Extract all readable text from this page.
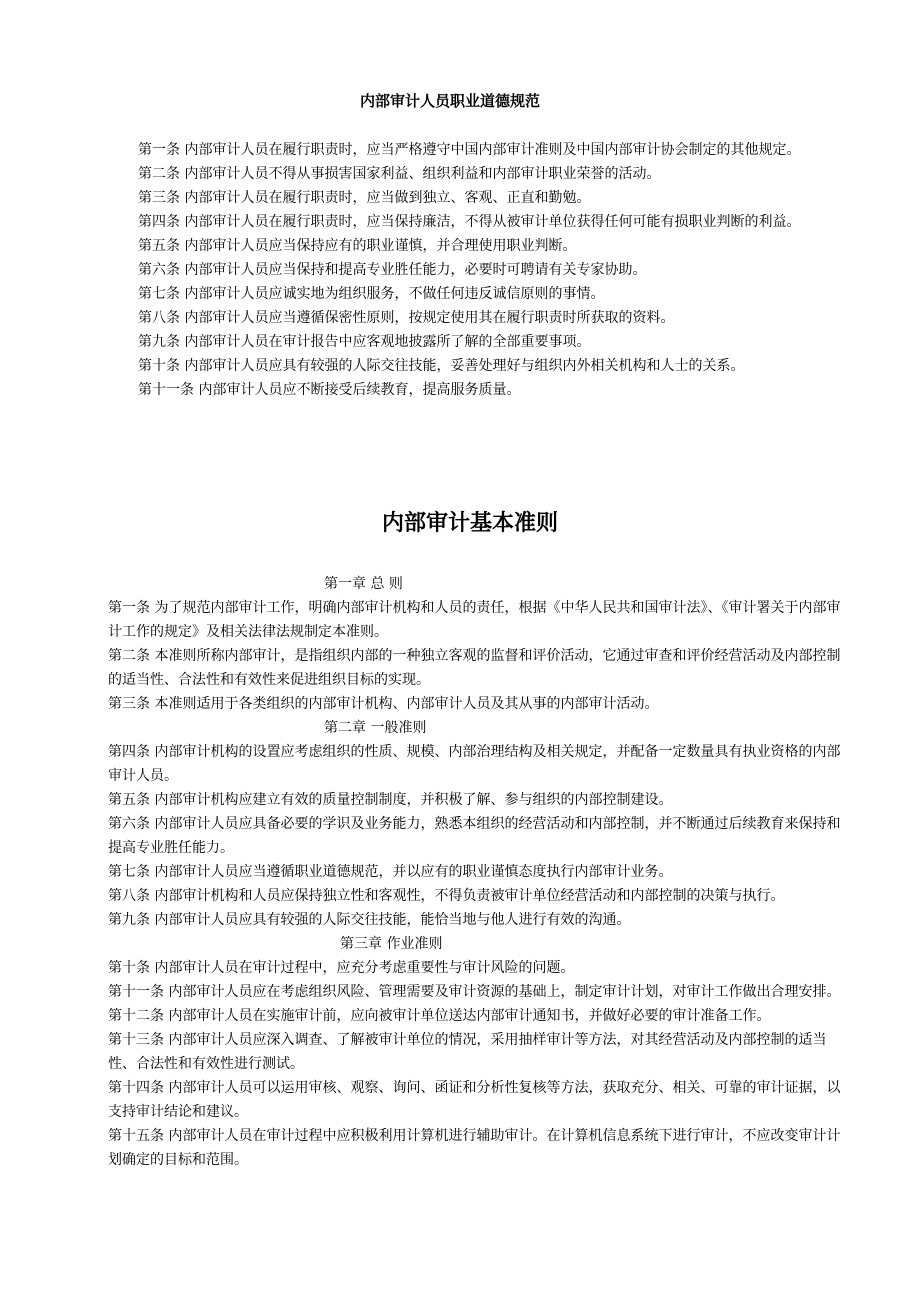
内部审计人员职业道德规范

第一条 内部审计人员在履行职责时，应当严格遵守中国内部审计准则及中国内部审计协会制定的其他规定。

第二条 内部审计人员不得从事损害国家利益、组织利益和内部审计职业荣誉的活动。

第三条 内部审计人员在履行职责时，应当做到独立、客观、正直和勤勉。

第四条 内部审计人员在履行职责时，应当保持廉洁，不得从被审计单位获得任何可能有损职业判断的利益。

第五条 内部审计人员应当保持应有的职业谨慎，并合理使用职业判断。

第六条 内部审计人员应当保持和提高专业胜任能力，必要时可聘请有关专家协助。

第七条 内部审计人员应诚实地为组织服务，不做任何违反诚信原则的事情。

第八条 内部审计人员应当遵循保密性原则，按规定使用其在履行职责时所获取的资料。

第九条 内部审计人员在审计报告中应客观地披露所了解的全部重要事项。

第十条 内部审计人员应具有较强的人际交往技能，妥善处理好与组织内外相关机构和人士的关系。

第十一条 内部审计人员应不断接受后续教育，提高服务质量。

内部审计基本准则

第一章 总 则

第一条 为了规范内部审计工作，明确内部审计机构和人员的责任，根据《中华人民共和国审计法》、《审计署关于内部审计工作的规定》及相关法律法规制定本准则。

第二条 本准则所称内部审计，是指组织内部的一种独立客观的监督和评价活动，它通过审查和评价经营活动及内部控制的适当性、合法性和有效性来促进组织目标的实现。

第三条 本准则适用于各类组织的内部审计机构、内部审计人员及其从事的内部审计活动。

第二章 一般准则

第四条 内部审计机构的设置应考虑组织的性质、规模、内部治理结构及相关规定，并配备一定数量具有执业资格的内部审计人员。

第五条 内部审计机构应建立有效的质量控制制度，并积极了解、参与组织的内部控制建设。

第六条 内部审计人员应具备必要的学识及业务能力，熟悉本组织的经营活动和内部控制，并不断通过后续教育来保持和提高专业胜任能力。

第七条 内部审计人员应当遵循职业道德规范，并以应有的职业谨慎态度执行内部审计业务。

第八条 内部审计机构和人员应保持独立性和客观性，不得负责被审计单位经营活动和内部控制的决策与执行。

第九条 内部审计人员应具有较强的人际交往技能，能恰当地与他人进行有效的沟通。

第三章 作业准则

第十条 内部审计人员在审计过程中，应充分考虑重要性与审计风险的问题。

第十一条 内部审计人员应在考虑组织风险、管理需要及审计资源的基础上，制定审计计划，对审计工作做出合理安排。

第十二条 内部审计人员在实施审计前，应向被审计单位送达内部审计通知书，并做好必要的审计准备工作。

第十三条 内部审计人员应深入调查、了解被审计单位的情况，采用抽样审计等方法，对其经营活动及内部控制的适当性、合法性和有效性进行测试。

第十四条 内部审计人员可以运用审核、观察、询问、函证和分析性复核等方法，获取充分、相关、可靠的审计证据，以支持审计结论和建议。

第十五条 内部审计人员在审计过程中应积极利用计算机进行辅助审计。在计算机信息系统下进行审计，不应改变审计计划确定的目标和范围。
